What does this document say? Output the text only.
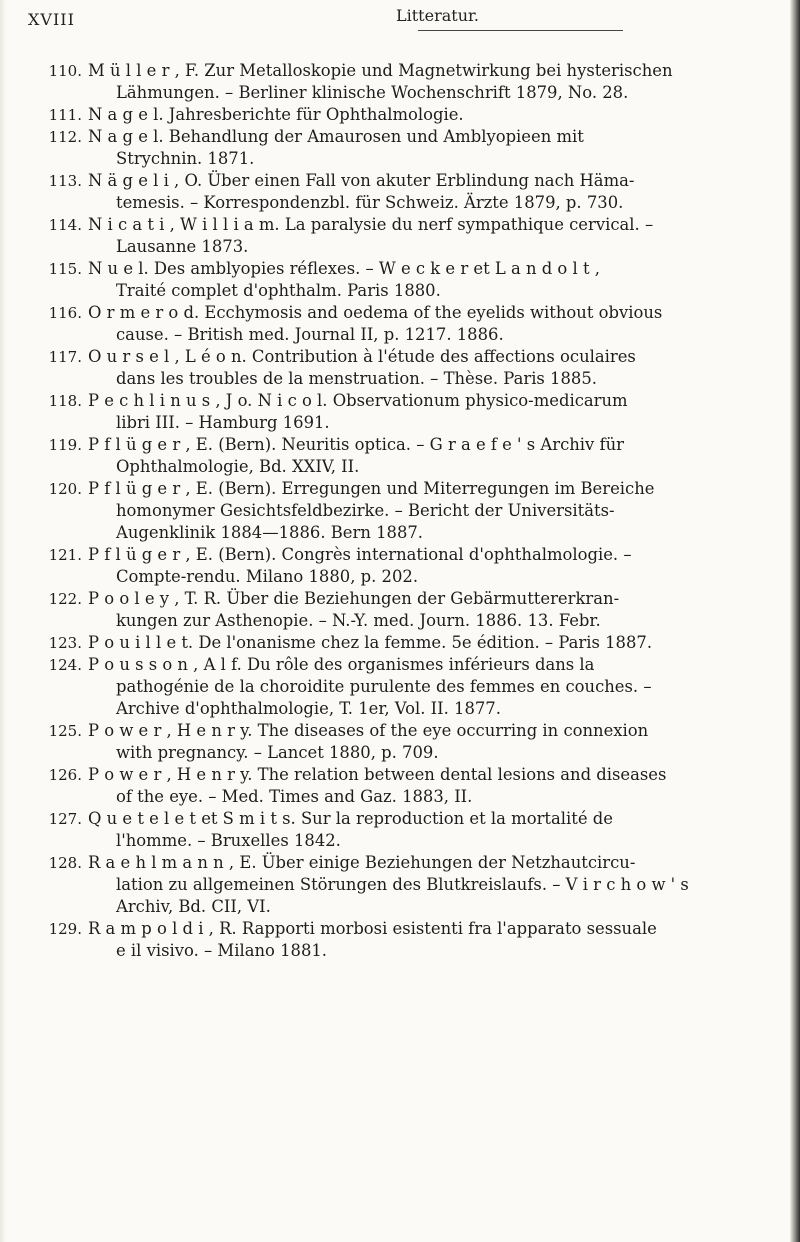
XVIII	Litteratur.
110. M ü l l e r , F. Zur Metalloskopie und Magnetwirkung bei hysterischen
Lähmungen. – Berliner klinische Wochenschrift 1879, No. 28.
111. N a g e l. Jahresberichte für Ophthalmologie.
112. N a g e l. Behandlung der Amaurosen und Amblyopieen mit
Strychnin. 1871.
113. N ä g e l i , O. Über einen Fall von akuter Erblindung nach Häma-
temesis. – Korrespondenzbl. für Schweiz. Ärzte 1879, p. 730.
114. N i c a t i , W i l l i a m. La paralysie du nerf sympathique cervical. –
Lausanne 1873.
115. N u e l. Des amblyopies réflexes. – W e c k e r et L a n d o l t ,
Traité complet d'ophthalm. Paris 1880.
116. O r m e r o d. Ecchymosis and oedema of the eyelids without obvious
cause. – British med. Journal II, p. 1217. 1886.
117. O u r s e l , L é o n. Contribution à l'étude des affections oculaires
dans les troubles de la menstruation. – Thèse. Paris 1885.
118. P e c h l i n u s , J o. N i c o l. Observationum physico-medicarum
libri III. – Hamburg 1691.
119. P f l ü g e r , E. (Bern). Neuritis optica. – G r a e f e ' s Archiv für
Ophthalmologie, Bd. XXIV, II.
120. P f l ü g e r , E. (Bern). Erregungen und Miterregungen im Bereiche
homonymer Gesichtsfeldbezirke. – Bericht der Universitäts-
Augenklinik 1884—1886. Bern 1887.
121. P f l ü g e r , E. (Bern). Congrès international d'ophthalmologie. –
Compte-rendu. Milano 1880, p. 202.
122. P o o l e y , T. R. Über die Beziehungen der Gebärmuttererkran-
kungen zur Asthenopie. – N.-Y. med. Journ. 1886. 13. Febr.
123. P o u i l l e t. De l'onanisme chez la femme. 5e édition. – Paris 1887.
124. P o u s s o n , A l f. Du rôle des organismes inférieurs dans la
pathogénie de la choroidite purulente des femmes en couches. –
Archive d'ophthalmologie, T. 1er, Vol. II. 1877.
125. P o w e r , H e n r y. The diseases of the eye occurring in connexion
with pregnancy. – Lancet 1880, p. 709.
126. P o w e r , H e n r y. The relation between dental lesions and diseases
of the eye. – Med. Times and Gaz. 1883, II.
127. Q u e t e l e t et S m i t s. Sur la reproduction et la mortalité de
l'homme. – Bruxelles 1842.
128. R a e h l m a n n , E. Über einige Beziehungen der Netzhautcircu-
lation zu allgemeinen Störungen des Blutkreislaufs. – V i r c h o w ' s
Archiv, Bd. CII, VI.
129. R a m p o l d i , R. Rapporti morbosi esistenti fra l'apparato sessuale
e il visivo. – Milano 1881.
